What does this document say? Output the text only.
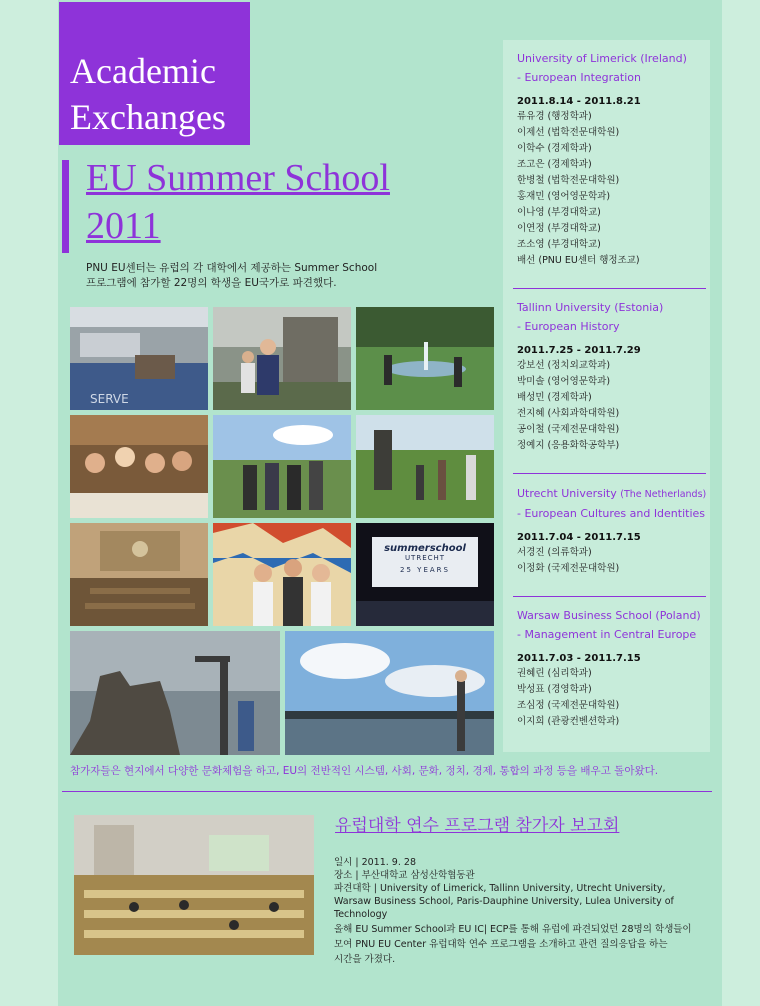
Academic
Exchanges
EU Summer School
2011
PNU EU센터는 유럽의 각 대학에서 제공하는 Summer School
프로그램에 참가할 22명의 학생을 EU국가로 파견했다.
SERVE
summerschool
UTRECHT
25 YEARS
참가자들은 현지에서 다양한 문화체험을 하고, EU의 전반적인 시스템, 사회, 문화, 정치, 경제, 통합의 과정 등을 배우고 돌아왔다.
University of Limerick (Ireland)
- European Integration
2011.8.14 - 2011.8.21
류유경 (행정학과)
이제선 (법학전문대학원)
이학수 (경제학과)
조고은 (경제학과)
한병철 (법학전문대학원)
홍재민 (영어영문학과)
이나영 (부경대학교)
이연정 (부경대학교)
조소영 (부경대학교)
배선 (PNU EU센터 행정조교)
Tallinn University (Estonia)
- European History
2011.7.25 - 2011.7.29
강보선 (정치외교학과)
박미솔 (영어영문학과)
배성민 (경제학과)
전지혜 (사회과학대학원)
공이철 (국제전문대학원)
정예지 (응용화학공학부)
Utrecht University (The Netherlands)
- European Cultures and Identities
2011.7.04 - 2011.7.15
서경진 (의류학과)
이정화 (국제전문대학원)
Warsaw Business School (Poland)
- Management in Central Europe
2011.7.03 - 2011.7.15
권혜린 (심리학과)
박성표 (경영학과)
조심정 (국제전문대학원)
이지희 (관광컨벤션학과)
유럽대학 연수 프로그램 참가자 보고회
일시 | 2011. 9. 28
장소 | 부산대학교 삼성산학협동관
파견대학 | University of Limerick, Tallinn University, Utrecht University,
Warsaw Business School, Paris-Dauphine University, Lulea University of Technology
올해 EU Summer School과 EU IC| ECP를 통해 유럽에 파견되었던 28명의 학생들이
모여 PNU EU Center 유럽대학 연수 프로그램을 소개하고 관련 질의응답을 하는
시간을 가졌다.
